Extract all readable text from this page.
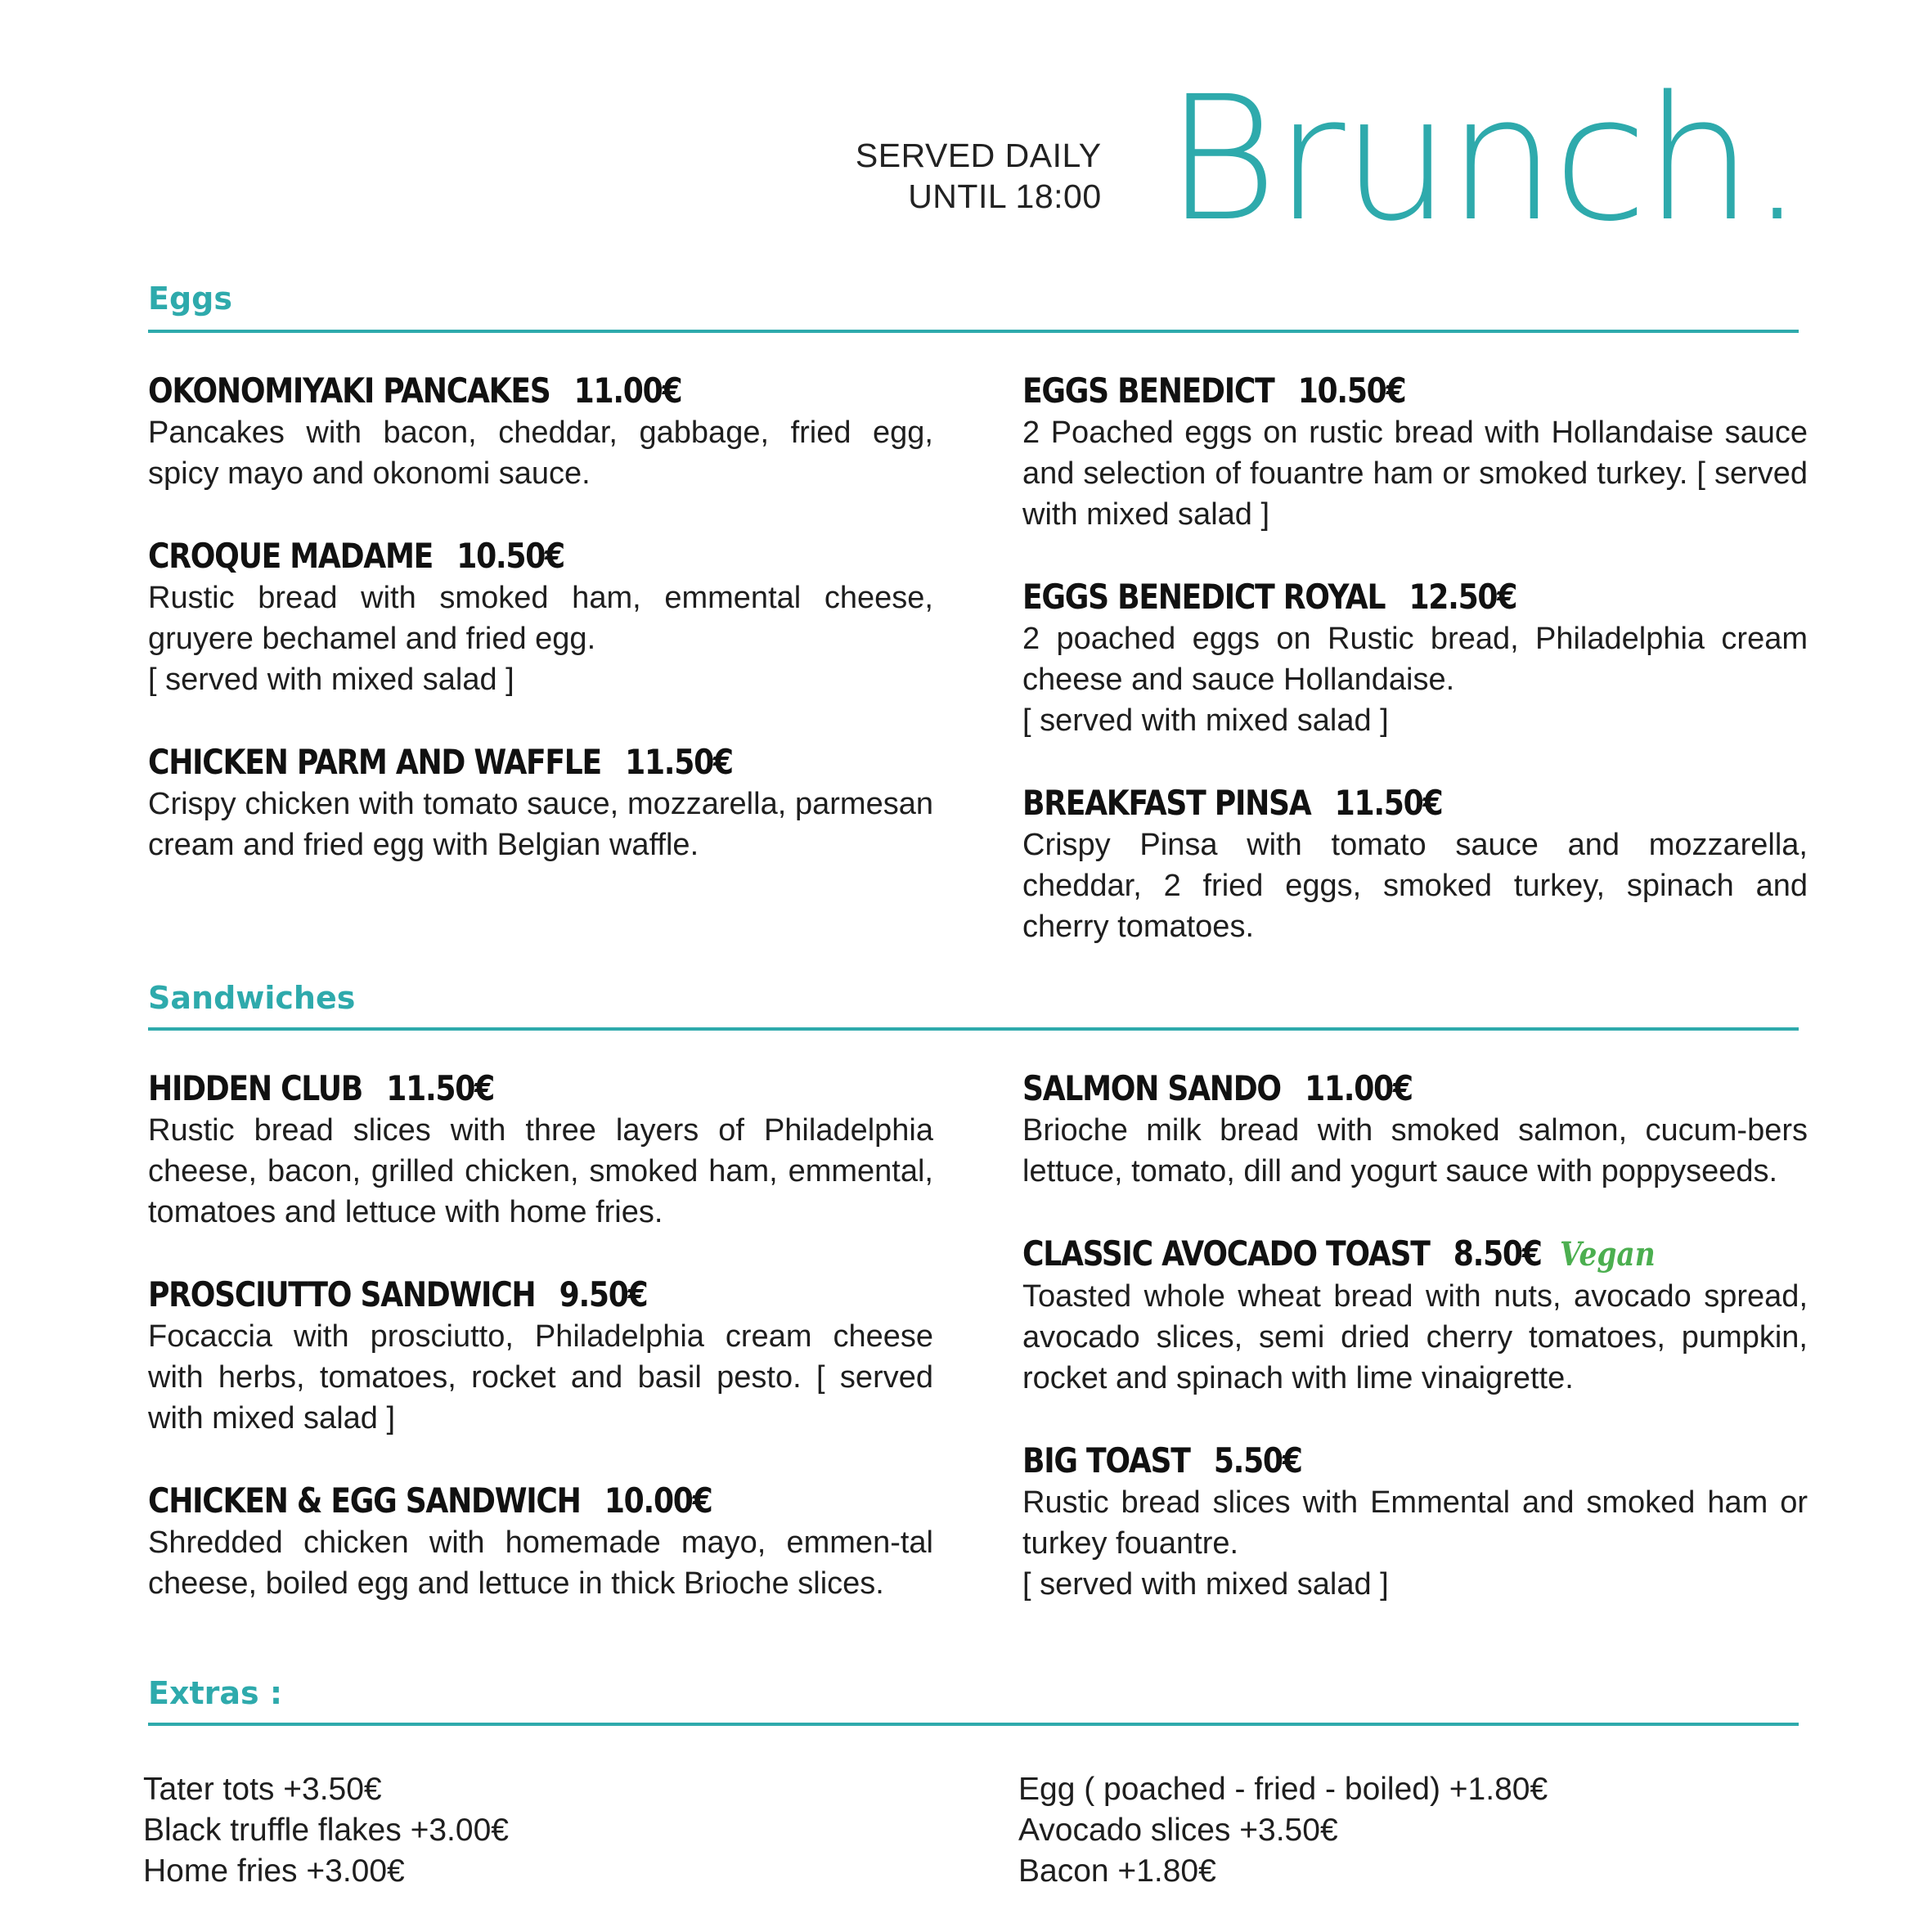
SERVED DAILY
UNTIL 18:00 Brunch.
Eggs
OKONOMIYAKI PANCAKES 11.00€
Pancakes with bacon, cheddar, gabbage, fried egg, spicy mayo and okonomi sauce.
CROQUE MADAME 10.50€
Rustic bread with smoked ham, emmental cheese, gruyere bechamel and fried egg.
[ served with mixed salad ]
CHICKEN PARM AND WAFFLE 11.50€
Crispy chicken with tomato sauce, mozzarella, parmesan cream and fried egg with Belgian waffle.
EGGS BENEDICT 10.50€
2 Poached eggs on rustic bread with Hollandaise sauce and selection of fouantre ham or smoked turkey. [ served with mixed salad ]
EGGS BENEDICT ROYAL 12.50€
2 poached eggs on Rustic bread, Philadelphia cream cheese and sauce Hollandaise.
[ served with mixed salad ]
BREAKFAST PINSA 11.50€
Crispy Pinsa with tomato sauce and mozzarella, cheddar, 2 fried eggs, smoked turkey, spinach and cherry tomatoes.
Sandwiches
HIDDEN CLUB 11.50€
Rustic bread slices with three layers of Philadelphia cheese, bacon, grilled chicken, smoked ham, emmental, tomatoes and lettuce with home fries.
PROSCIUTTO SANDWICH 9.50€
Focaccia with prosciutto, Philadelphia cream cheese with herbs, tomatoes, rocket and basil pesto. [ served with mixed salad ]
CHICKEN & EGG SANDWICH 10.00€
Shredded chicken with homemade mayo, emmen-tal cheese, boiled egg and lettuce in thick Brioche slices.
SALMON SANDO 11.00€
Brioche milk bread with smoked salmon, cucum-bers lettuce, tomato, dill and yogurt sauce with poppyseeds.
CLASSIC AVOCADO TOAST 8.50€ Vegan
Toasted whole wheat bread with nuts, avocado spread, avocado slices, semi dried cherry tomatoes, pumpkin, rocket and spinach with lime vinaigrette.
BIG TOAST 5.50€
Rustic bread slices with Emmental and smoked ham or turkey fouantre.
[ served with mixed salad ]
Extras :
Tater tots +3.50€
Black truffle flakes +3.00€
Home fries +3.00€
Egg ( poached - fried - boiled) +1.80€
Avocado slices +3.50€
Bacon +1.80€
